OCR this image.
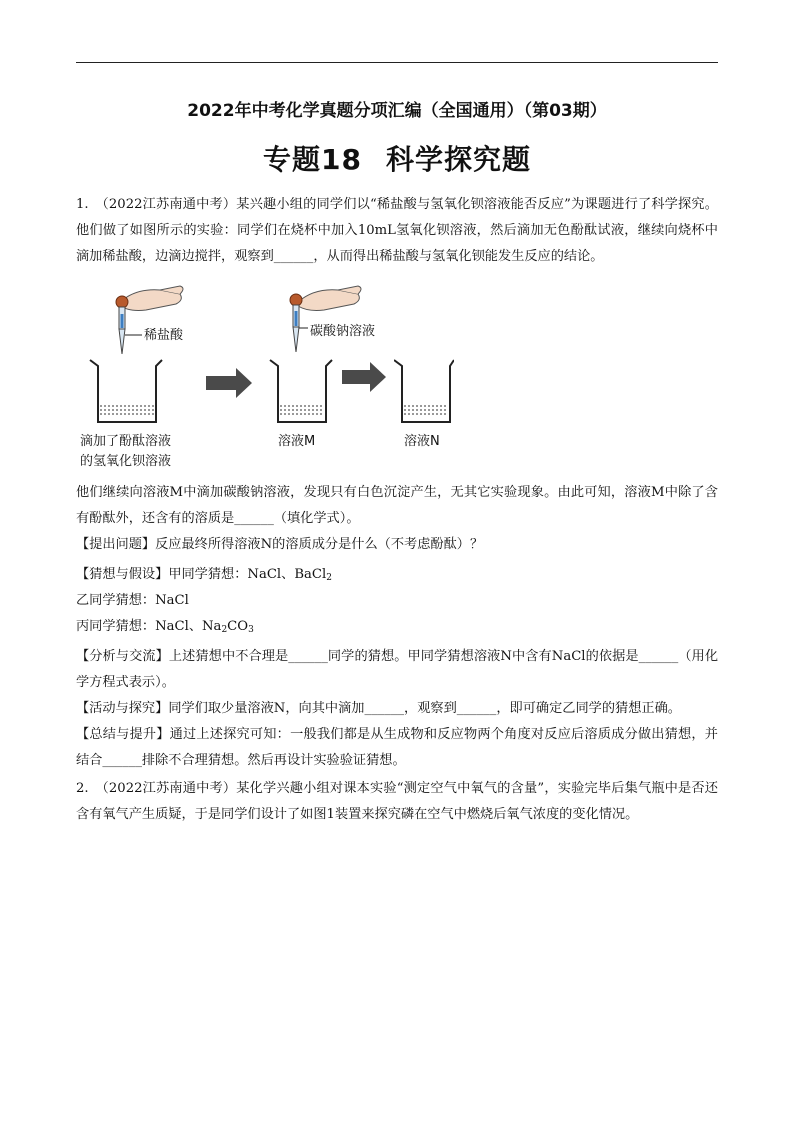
2022年中考化学真题分项汇编（全国通用）（第03期）
专题18 科学探究题
1.　（2022江苏南通中考）某兴趣小组的同学们以“稀盐酸与氢氧化钡溶液能否反应”为课题进行了科学探究。他们做了如图所示的实验：同学们在烧杯中加入10mL氢氧化钡溶液，然后滴加无色酚酞试液，继续向烧杯中滴加稀盐酸，边滴边搅拌，观察到______，从而得出稀盐酸与氢氧化钡能发生反应的结论。
稀盐酸	碳酸钠溶液
滴加了酚酞溶液
的氢氧化钡溶液
溶液M	溶液N
他们继续向溶液M中滴加碳酸钠溶液，发现只有白色沉淀产生，无其它实验现象。由此可知，溶液M中除了含有酚酞外，还含有的溶质是______（填化学式）。
【提出问题】反应最终所得溶液N的溶质成分是什么（不考虑酚酞）？
【猜想与假设】甲同学猜想：NaCl、BaCl$_2$
乙同学猜想：NaCl
丙同学猜想：NaCl、$Na_2CO_3$
【分析与交流】上述猜想中不合理是______同学的猜想。甲同学猜想溶液N中含有NaCl的依据是______（用化学方程式表示）。
【活动与探究】同学们取少量溶液N，向其中滴加______，观察到______，即可确定乙同学的猜想正确。
【总结与提升】通过上述探究可知：一般我们都是从生成物和反应物两个角度对反应后溶质成分做出猜想，并结合______排除不合理猜想。然后再设计实验验证猜想。
2.　（2022江苏南通中考）某化学兴趣小组对课本实验“测定空气中氧气的含量”，实验完毕后集气瓶中是否还含有氧气产生质疑，于是同学们设计了如图1装置来探究磷在空气中燃烧后氧气浓度的变化情况。
